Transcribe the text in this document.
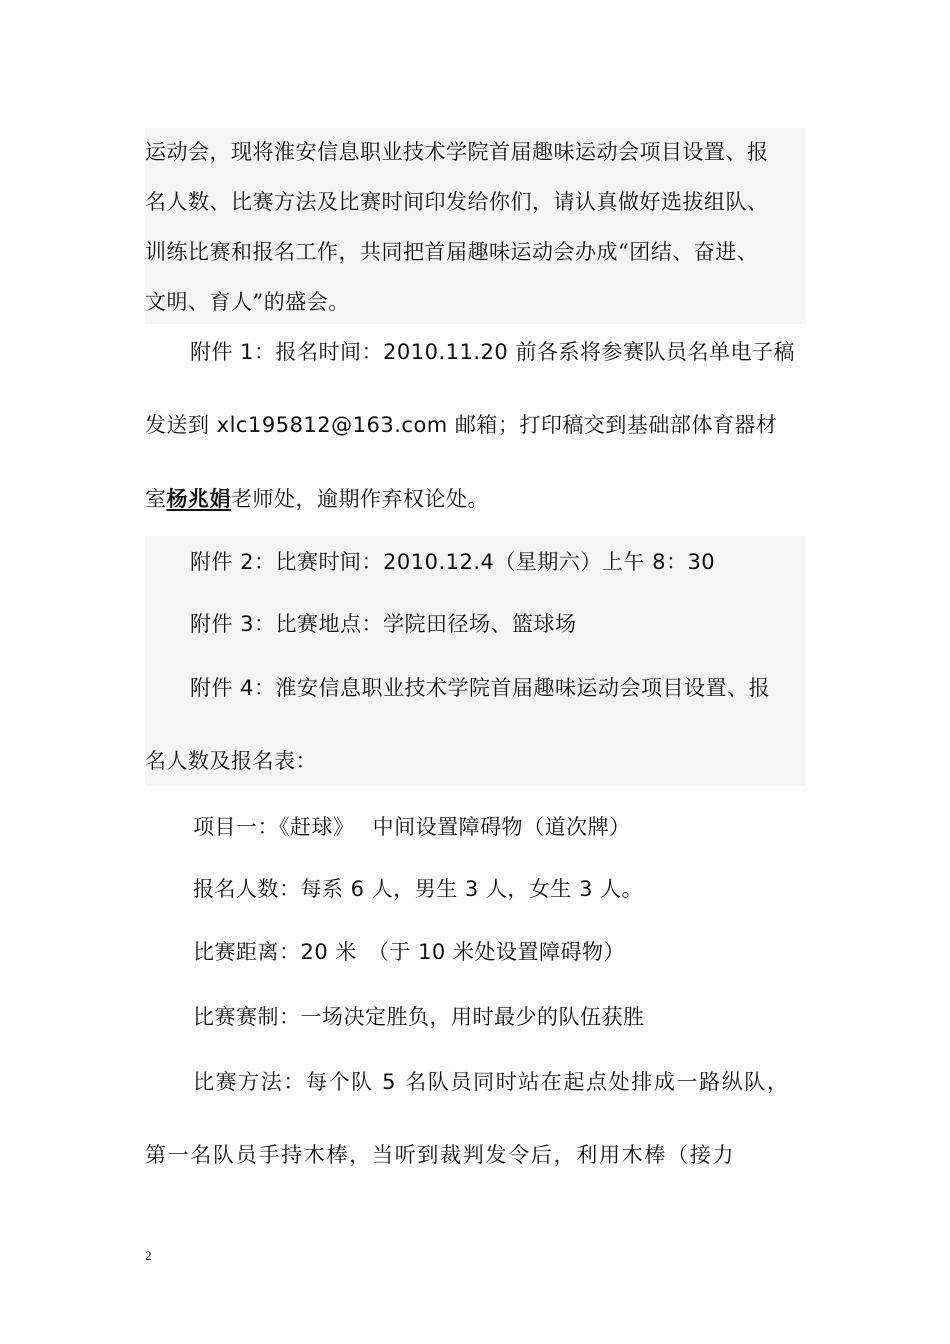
运动会，现将淮安信息职业技术学院首届趣味运动会项目设置、报
名人数、比赛方法及比赛时间印发给你们，请认真做好选拔组队、
训练比赛和报名工作，共同把首届趣味运动会办成“团结、奋进、
文明、育人”的盛会。
附件 1：报名时间：2010.11.20 前各系将参赛队员名单电子稿
发送到 xlc195812@163.com 邮箱；打印稿交到基础部体育器材
室杨兆娟老师处，逾期作弃权论处。
附件 2：比赛时间：2010.12.4（星期六）上午 8：30
附件 3：比赛地点：学院田径场、篮球场
附件 4：淮安信息职业技术学院首届趣味运动会项目设置、报
名人数及报名表：
项目一：《赶球》　 中间设置障碍物（道次牌）
报名人数：每系 6 人，男生 3 人，女生 3 人。
比赛距离：20 米　（于 10 米处设置障碍物）
比赛赛制：一场决定胜负，用时最少的队伍获胜
比赛方法：每个队 5 名队员同时站在起点处排成一路纵队，
第一名队员手持木棒，当听到裁判发令后，利用木棒（接力
2
